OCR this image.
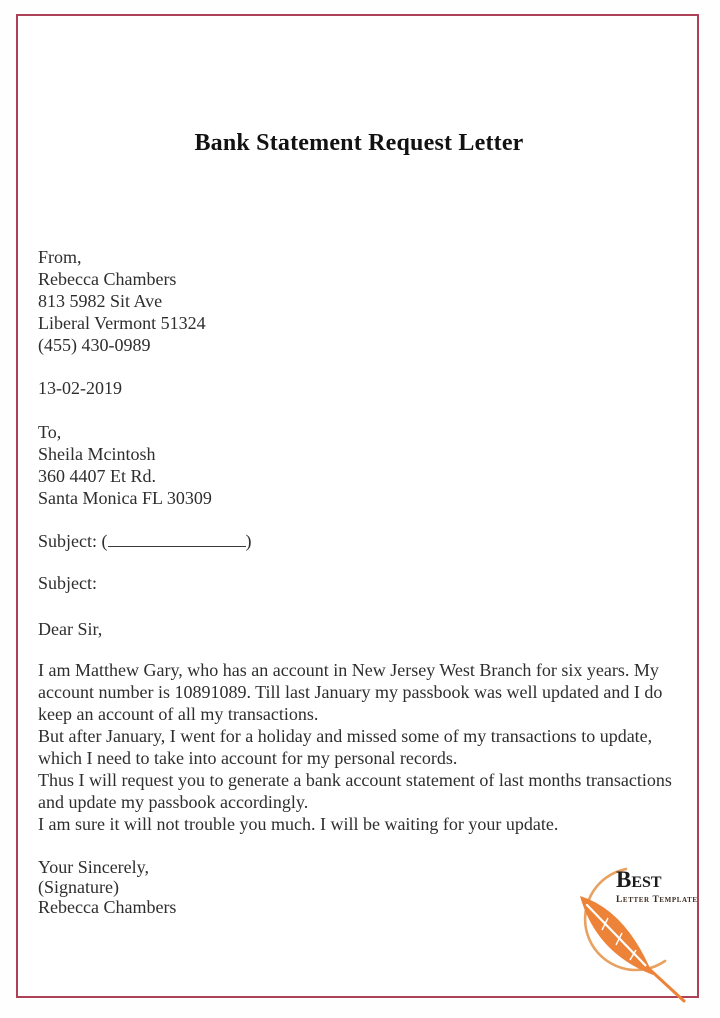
Bank Statement Request Letter
From,
Rebecca Chambers
813 5982 Sit Ave
Liberal Vermont 51324
(455) 430-0989
13-02-2019
To,
Sheila Mcintosh
360 4407 Et Rd.
Santa Monica FL 30309
Subject: (	)
Subject:
Dear Sir,

I am Matthew Gary, who has an account in New Jersey West Branch for six years. My account number is 10891089. Till last January my passbook was well updated and I do keep an account of all my transactions.

But after January, I went for a holiday and missed some of my transactions to update, which I need to take into account for my personal records.

Thus I will request you to generate a bank account statement of last months transactions and update my passbook accordingly.

I am sure it will not trouble you much. I will be waiting for your update.

Your Sincerely,
(Signature)
Rebecca Chambers
Best
Letter Template
